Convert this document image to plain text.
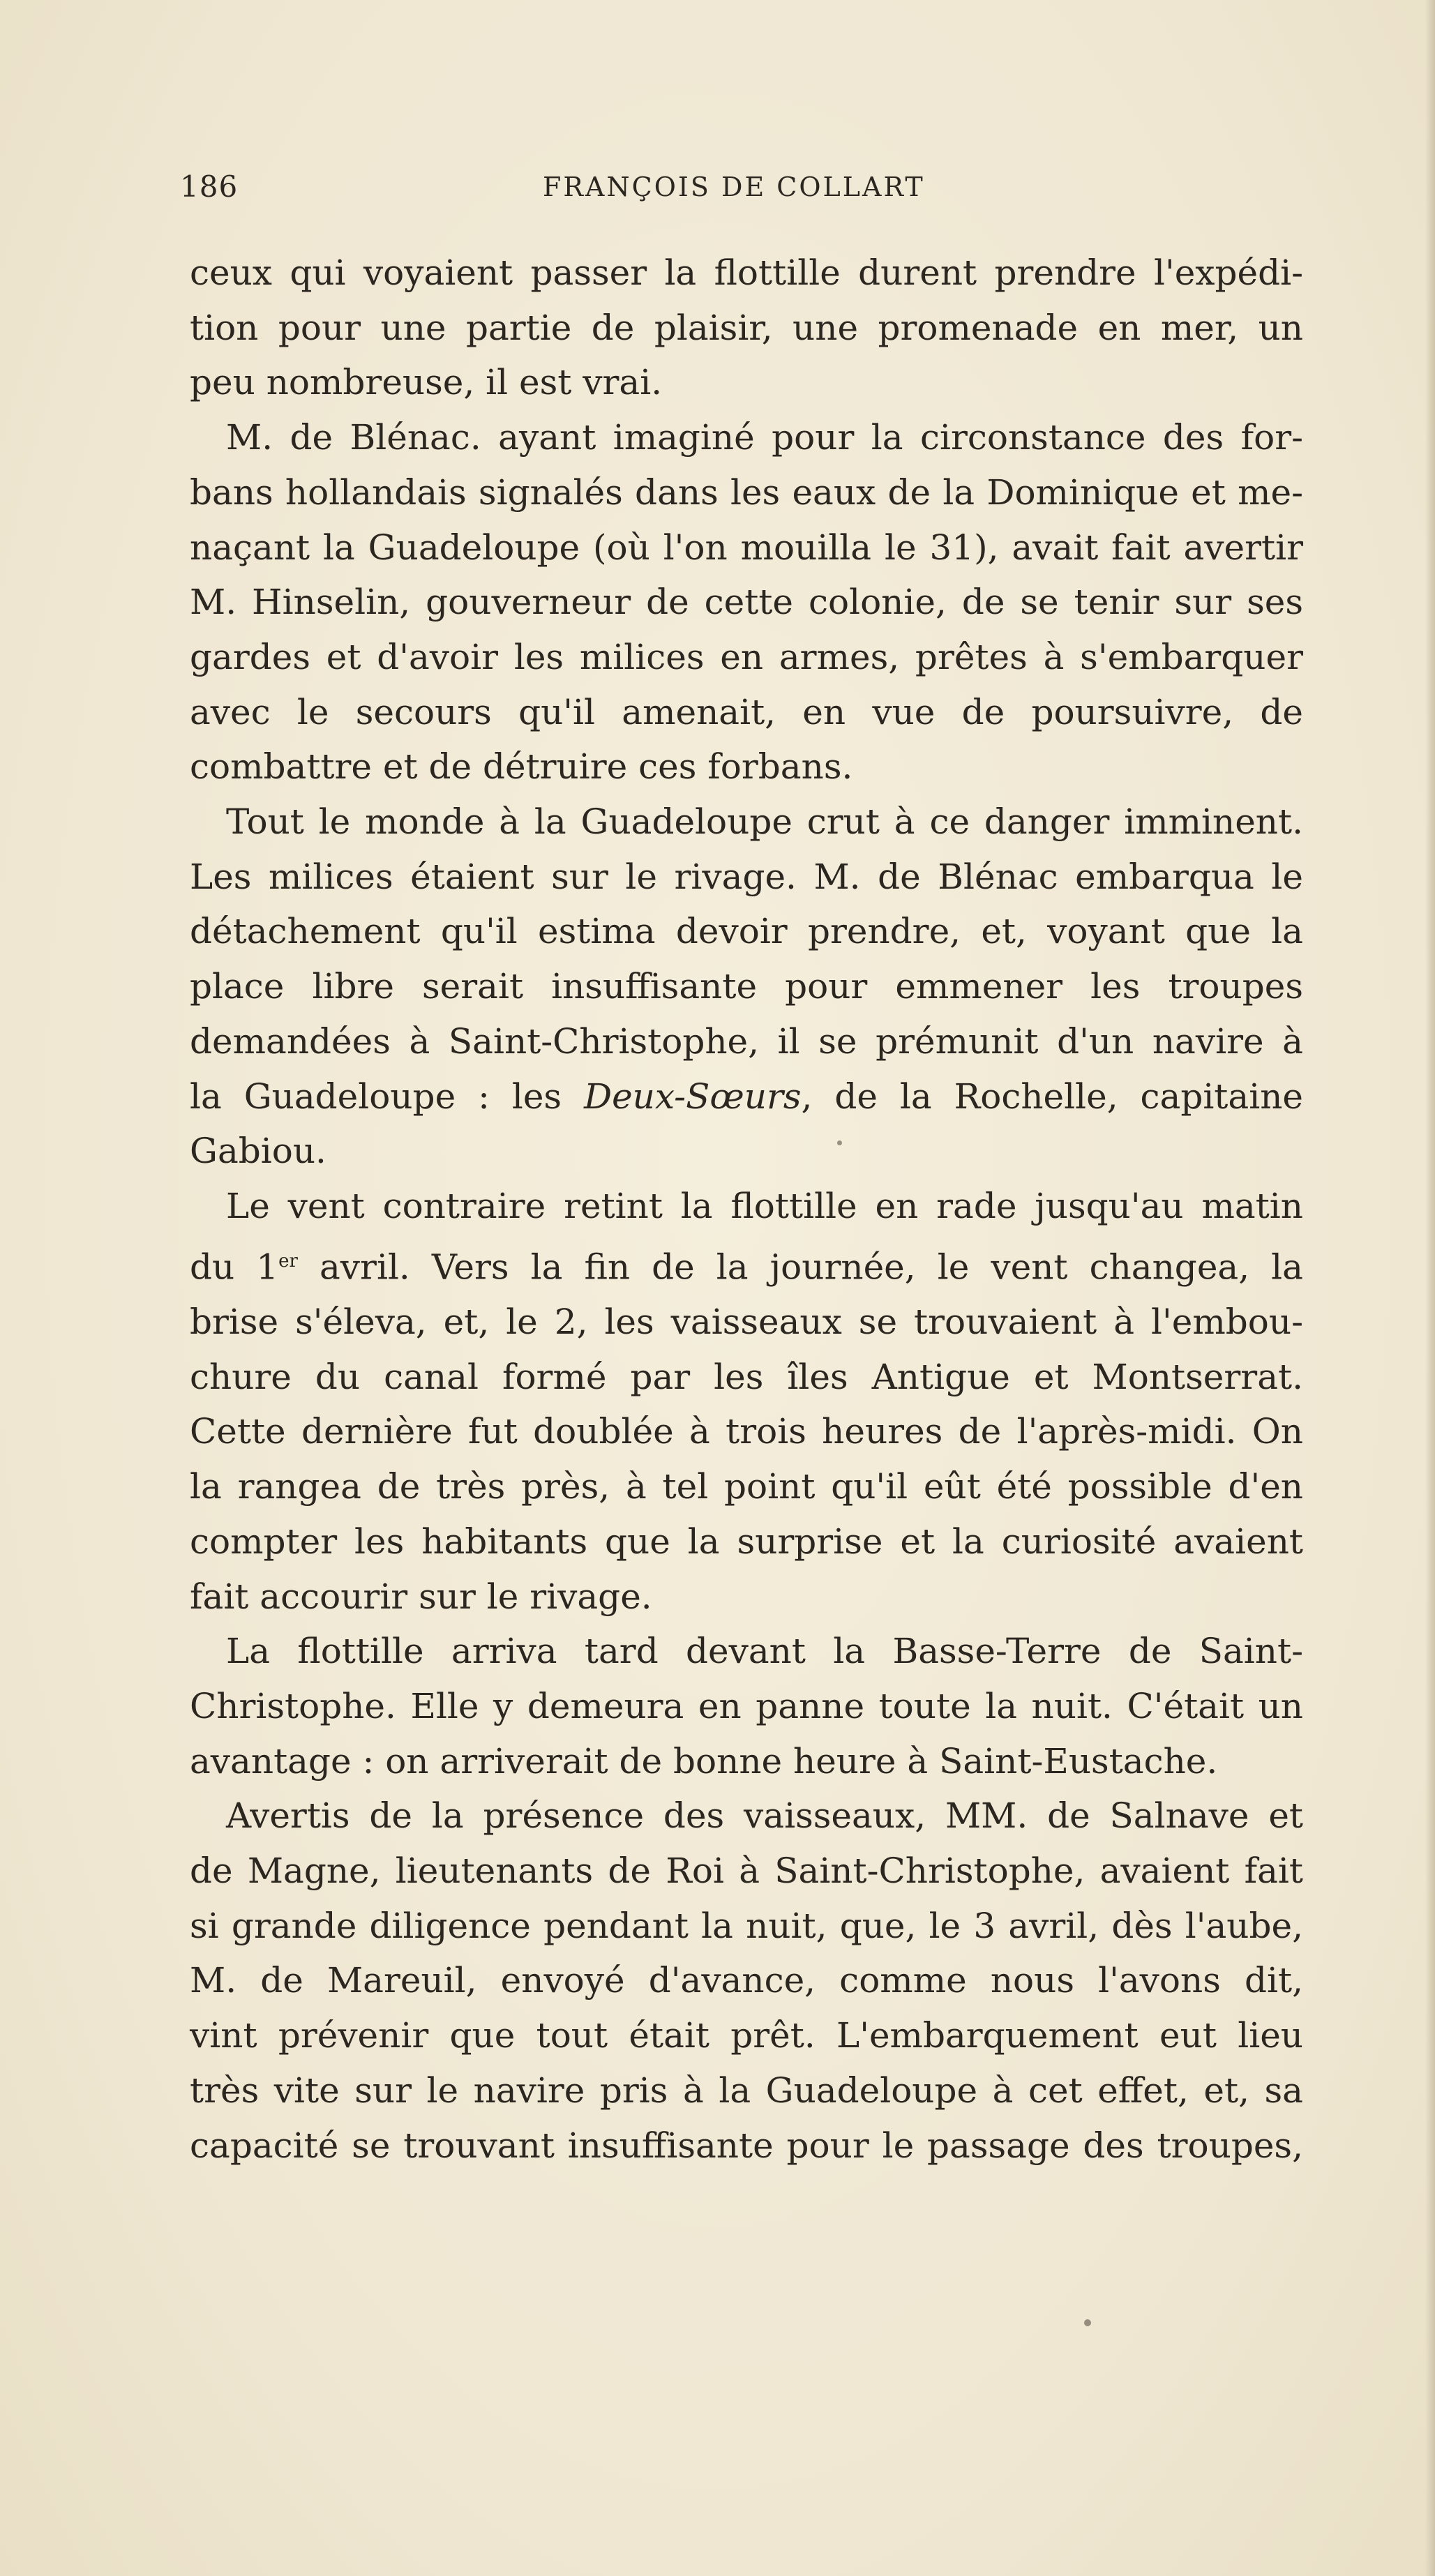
186	FRANÇOIS DE COLLART
ceux qui voyaient passer la flottille durent prendre l'expédi-
tion pour une partie de plaisir, une promenade en mer, un
peu nombreuse, il est vrai.
M. de Blénac. ayant imaginé pour la circonstance des for-
bans hollandais signalés dans les eaux de la Dominique et me-
naçant la Guadeloupe (où l'on mouilla le 31), avait fait avertir
M. Hinselin, gouverneur de cette colonie, de se tenir sur ses
gardes et d'avoir les milices en armes, prêtes à s'embarquer
avec le secours qu'il amenait, en vue de poursuivre, de
combattre et de détruire ces forbans.
Tout le monde à la Guadeloupe crut à ce danger imminent.
Les milices étaient sur le rivage. M. de Blénac embarqua le
détachement qu'il estima devoir prendre, et, voyant que la
place libre serait insuffisante pour emmener les troupes
demandées à Saint-Christophe, il se prémunit d'un navire à
la Guadeloupe : les Deux-Sœurs, de la Rochelle, capitaine
Gabiou.
Le vent contraire retint la flottille en rade jusqu'au matin
du 1er avril. Vers la fin de la journée, le vent changea, la
brise s'éleva, et, le 2, les vaisseaux se trouvaient à l'embou-
chure du canal formé par les îles Antigue et Montserrat.
Cette dernière fut doublée à trois heures de l'après-midi. On
la rangea de très près, à tel point qu'il eût été possible d'en
compter les habitants que la surprise et la curiosité avaient
fait accourir sur le rivage.
La flottille arriva tard devant la Basse-Terre de Saint-
Christophe. Elle y demeura en panne toute la nuit. C'était un
avantage : on arriverait de bonne heure à Saint-Eustache.
Avertis de la présence des vaisseaux, MM. de Salnave et
de Magne, lieutenants de Roi à Saint-Christophe, avaient fait
si grande diligence pendant la nuit, que, le 3 avril, dès l'aube,
M. de Mareuil, envoyé d'avance, comme nous l'avons dit,
vint prévenir que tout était prêt. L'embarquement eut lieu
très vite sur le navire pris à la Guadeloupe à cet effet, et, sa
capacité se trouvant insuffisante pour le passage des troupes,
